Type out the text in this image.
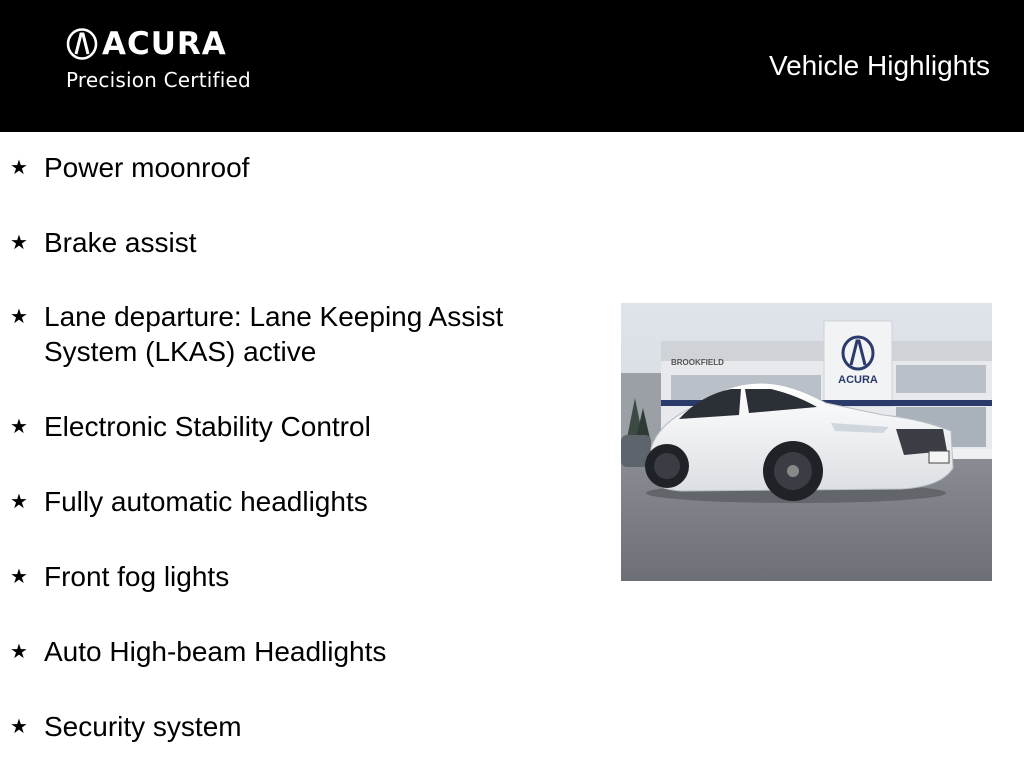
ACURA
Precision Certified	Vehicle Highlights
★ Power moonroof
★ Brake assist
★ Lane departure: Lane Keeping Assist System (LKAS) active
★ Electronic Stability Control
★ Fully automatic headlights
★ Front fog lights
★ Auto High-beam Headlights
★ Security system
BROOKFIELD
ACURA
